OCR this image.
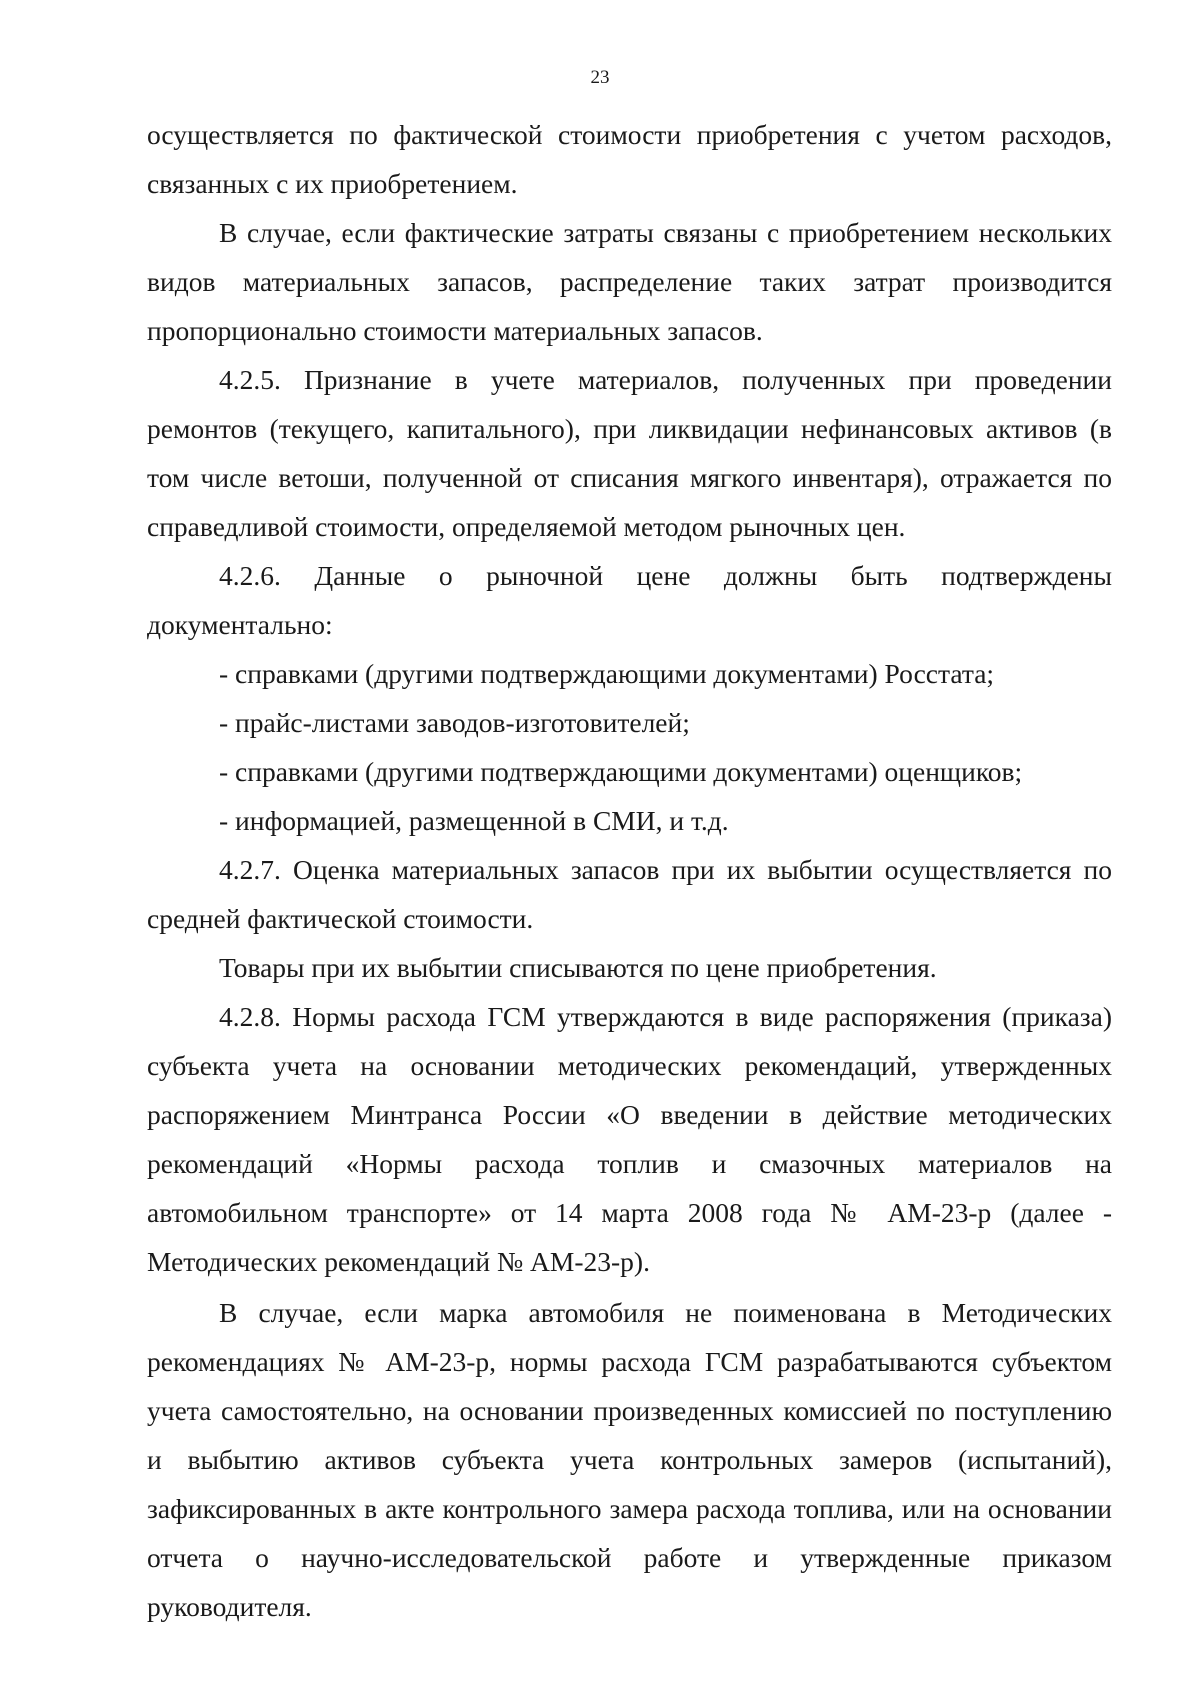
23

осуществляется по фактической стоимости приобретения с учетом расходов, связанных с их приобретением.

В случае, если фактические затраты связаны с приобретением нескольких видов материальных запасов, распределение таких затрат производится пропорционально стоимости материальных запасов.

4.2.5. Признание в учете материалов, полученных при проведении ремонтов (текущего, капитального), при ликвидации нефинансовых активов (в том числе ветоши, полученной от списания мягкого инвентаря), отражается по справедливой стоимости, определяемой методом рыночных цен.

4.2.6. Данные о рыночной цене должны быть подтверждены документально:

- справками (другими подтверждающими документами) Росстата;

- прайс-листами заводов-изготовителей;

- справками (другими подтверждающими документами) оценщиков;

- информацией, размещенной в СМИ, и т.д.

4.2.7. Оценка материальных запасов при их выбытии осуществляется по средней фактической стоимости.

Товары при их выбытии списываются по цене приобретения.

4.2.8. Нормы расхода ГСМ утверждаются в виде распоряжения (приказа) субъекта учета на основании методических рекомендаций, утвержденных распоряжением Минтранса России «О введении в действие методических рекомендаций «Нормы расхода топлив и смазочных материалов на автомобильном транспорте» от 14 марта 2008 года № АМ-23-р (далее - Методических рекомендаций № АМ-23-р).

В случае, если марка автомобиля не поименована в Методических рекомендациях № АМ-23-р, нормы расхода ГСМ разрабатываются субъектом учета самостоятельно, на основании произведенных комиссией по поступлению и выбытию активов субъекта учета контрольных замеров (испытаний), зафиксированных в акте контрольного замера расхода топлива, или на основании отчета о научно-исследовательской работе и утвержденные приказом руководителя.
